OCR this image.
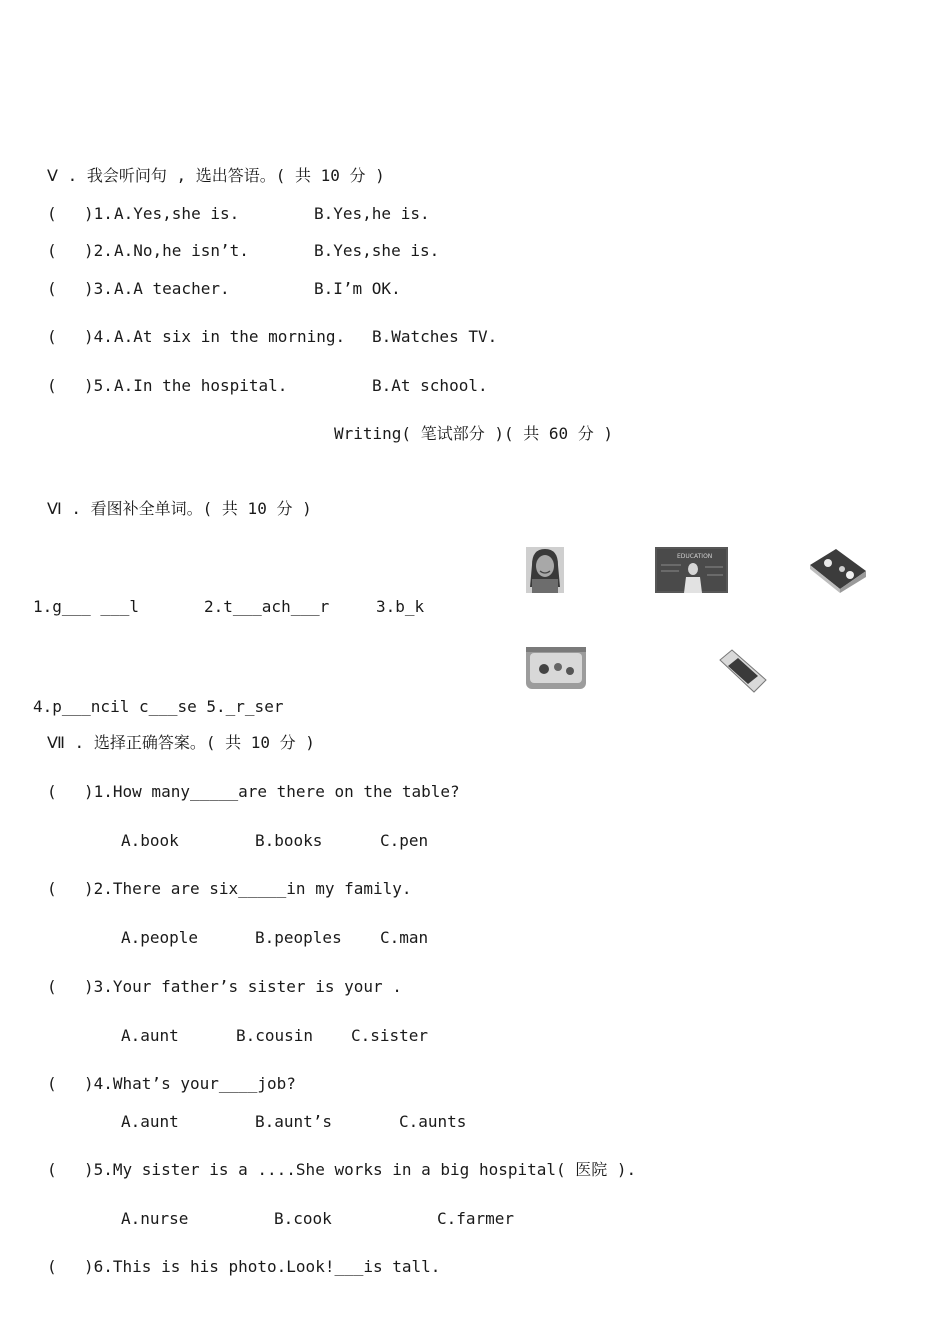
Ⅴ . 我会听问句 , 选出答语。( 共 10 分 )
( )1. A.Yes,she is.	B.Yes,he is.
( )2. A.No,he isn’t.	B.Yes,she is.
( )3. A.A teacher.	B.I’m OK.
( )4. A.At six in the morning. B.Watches TV.
( )5. A.In the hospital.	B.At school.
Writing( 笔试部分 )( 共 60 分 )
Ⅵ . 看图补全单词。( 共 10 分 )
EDUCATION
1.g___ ___l	2.t___ach___r	3.b_k
4.p___ncil c___se 5._r_ser
Ⅶ . 选择正确答案。( 共 10 分 )
( )1.How many_____are there on the table?
A.book	B.books	C.pen
( )2.There are six_____in my family.
A.people	B.peoples C.man
( )3.Your father’s sister is your .
A.aunt	B.cousin C.sister
( )4.What’s your____job?
A.aunt	B.aunt’s	C.aunts
( )5.My sister is a ....She works in a big hospital( 医院 ).
A.nurse	B.cook	C.farmer
( )6.This is his photo.Look!___is tall.
